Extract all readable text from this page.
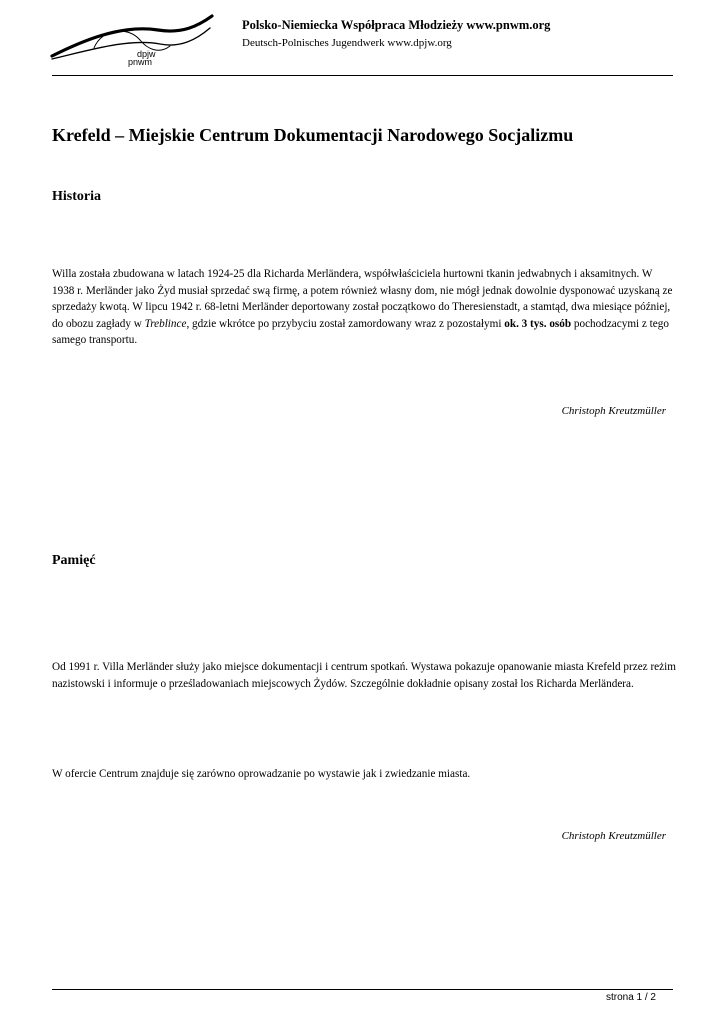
dpjw
pnwm
Polsko-Niemiecka Współpraca Młodzieży www.pnwm.org
Deutsch-Polnisches Jugendwerk www.dpjw.org
Krefeld – Miejskie Centrum Dokumentacji Narodowego Socjalizmu
Historia

Willa została zbudowana w latach 1924-25 dla Richarda Merländera, współwłaściciela hurtowni tkanin jedwabnych i aksamitnych. W 1938 r. Merländer jako Żyd musiał sprzedać swą firmę, a potem również własny dom, nie mógł jednak dowolnie dysponować uzyskaną ze sprzedaży kwotą. W lipcu 1942 r. 68-letni Merländer deportowany został początkowo do Theresienstadt, a stamtąd, dwa miesiące później, do obozu zagłady w Treblince, gdzie wkrótce po przybyciu został zamordowany wraz z pozostałymi ok. 3 tys. osób pochodzacymi z tego samego transportu.

Christoph Kreutzmüller

Pamięć

Od 1991 r. Villa Merländer służy jako miejsce dokumentacji i centrum spotkań. Wystawa pokazuje opanowanie miasta Krefeld przez reżim nazistowski i informuje o prześladowaniach miejscowych Żydów. Szczególnie dokładnie opisany został los Richarda Merländera.

W ofercie Centrum znajduje się zarówno oprowadzanie po wystawie jak i zwiedzanie miasta.

Christoph Kreutzmüller

strona 1 / 2
